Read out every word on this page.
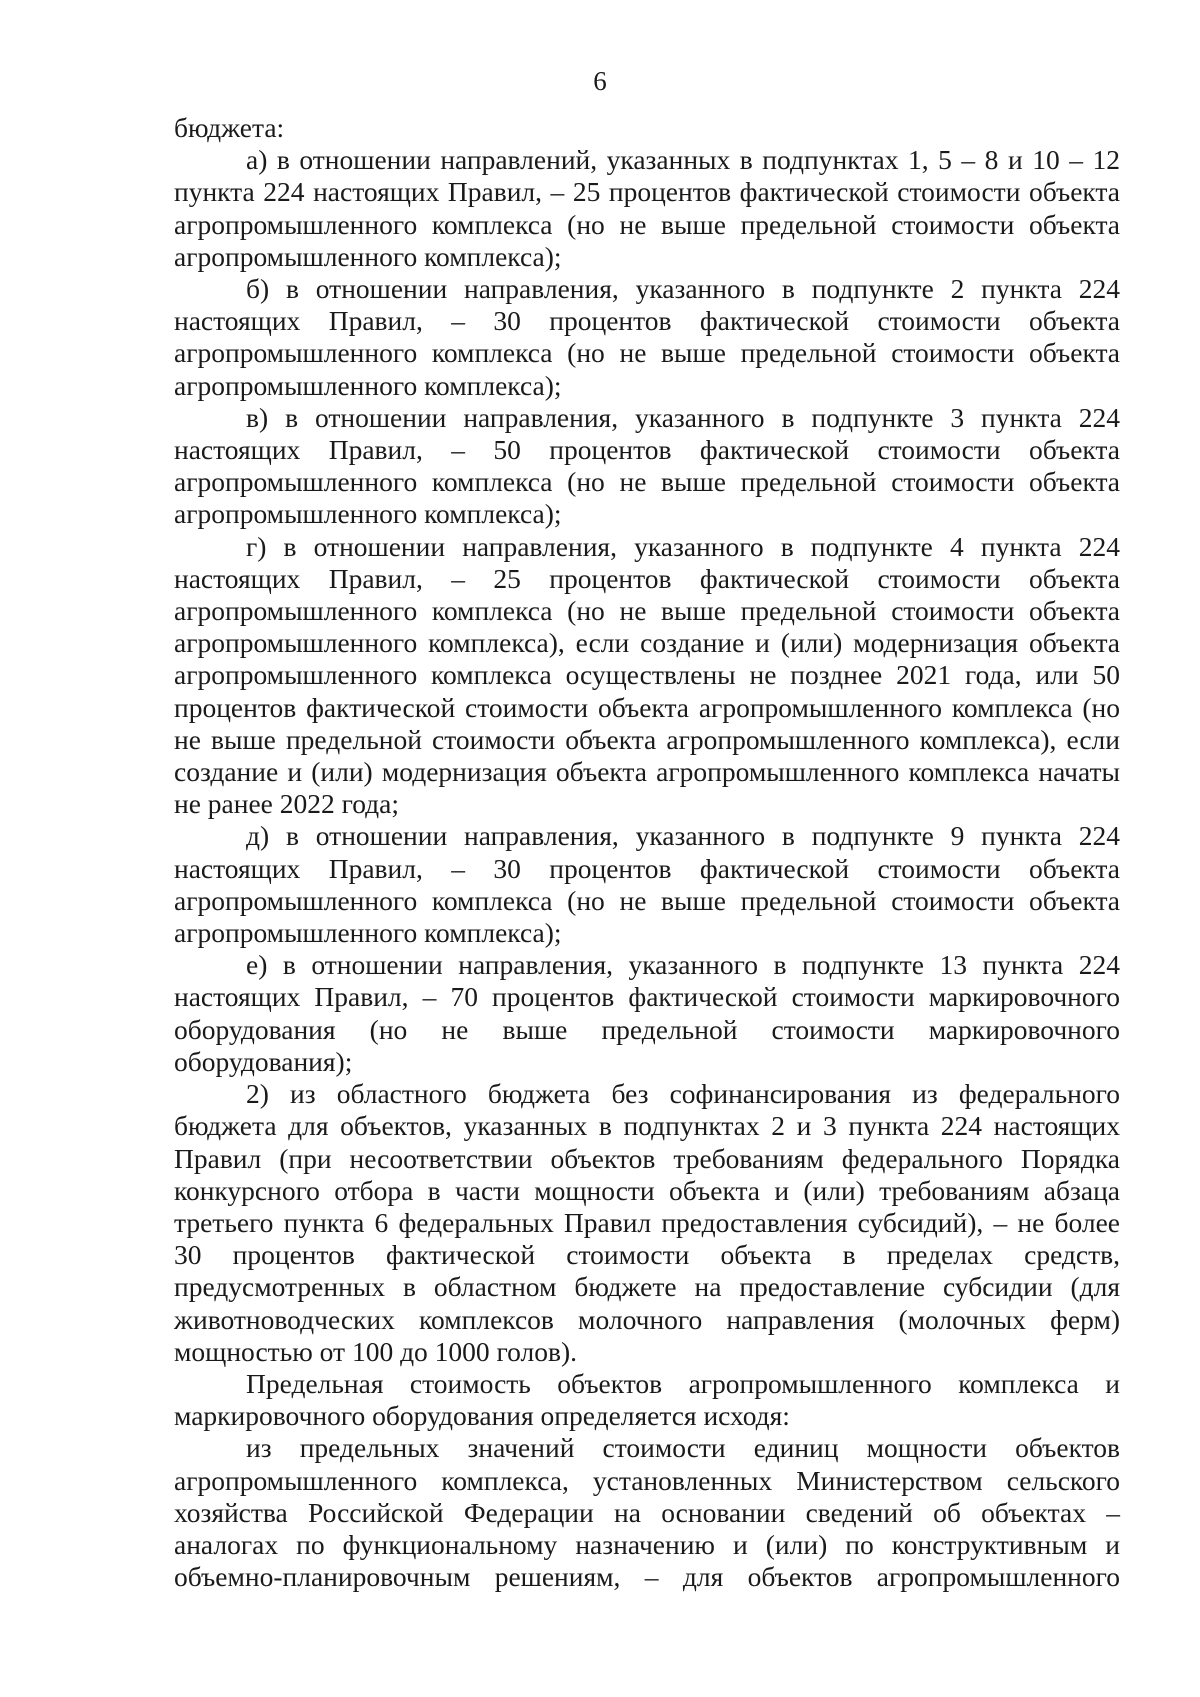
6

бюджета:

а) в отношении направлений, указанных в подпунктах 1, 5 – 8 и 10 – 12 пункта 224 настоящих Правил, – 25 процентов фактической стоимости объекта агропромышленного комплекса (но не выше предельной стоимости объекта агропромышленного комплекса);

б) в отношении направления, указанного в подпункте 2 пункта 224 настоящих Правил, – 30 процентов фактической стоимости объекта агропромышленного комплекса (но не выше предельной стоимости объекта агропромышленного комплекса);

в) в отношении направления, указанного в подпункте 3 пункта 224 настоящих Правил, – 50 процентов фактической стоимости объекта агропромышленного комплекса (но не выше предельной стоимости объекта агропромышленного комплекса);

г) в отношении направления, указанного в подпункте 4 пункта 224 настоящих Правил, – 25 процентов фактической стоимости объекта агропромышленного комплекса (но не выше предельной стоимости объекта агропромышленного комплекса), если создание и (или) модернизация объекта агропромышленного комплекса осуществлены не позднее 2021 года, или 50 процентов фактической стоимости объекта агропромышленного комплекса (но не выше предельной стоимости объекта агропромышленного комплекса), если создание и (или) модернизация объекта агропромышленного комплекса начаты не ранее 2022 года;

д) в отношении направления, указанного в подпункте 9 пункта 224 настоящих Правил, – 30 процентов фактической стоимости объекта агропромышленного комплекса (но не выше предельной стоимости объекта агропромышленного комплекса);

е) в отношении направления, указанного в подпункте 13 пункта 224 настоящих Правил, – 70 процентов фактической стоимости маркировочного оборудования (но не выше предельной стоимости маркировочного оборудования);

2) из областного бюджета без софинансирования из федерального бюджета для объектов, указанных в подпунктах 2 и 3 пункта 224 настоящих Правил (при несоответствии объектов требованиям федерального Порядка конкурсного отбора в части мощности объекта и (или) требованиям абзаца третьего пункта 6 федеральных Правил предоставления субсидий), – не более 30 процентов фактической стоимости объекта в пределах средств, предусмотренных в областном бюджете на предоставление субсидии (для животноводческих комплексов молочного направления (молочных ферм) мощностью от 100 до 1000 голов).

Предельная стоимость объектов агропромышленного комплекса и маркировочного оборудования определяется исходя:

из предельных значений стоимости единиц мощности объектов агропромышленного комплекса, установленных Министерством сельского хозяйства Российской Федерации на основании сведений об объектах – аналогах по функциональному назначению и (или) по конструктивным и объемно-планировочным решениям, – для объектов агропромышленного
